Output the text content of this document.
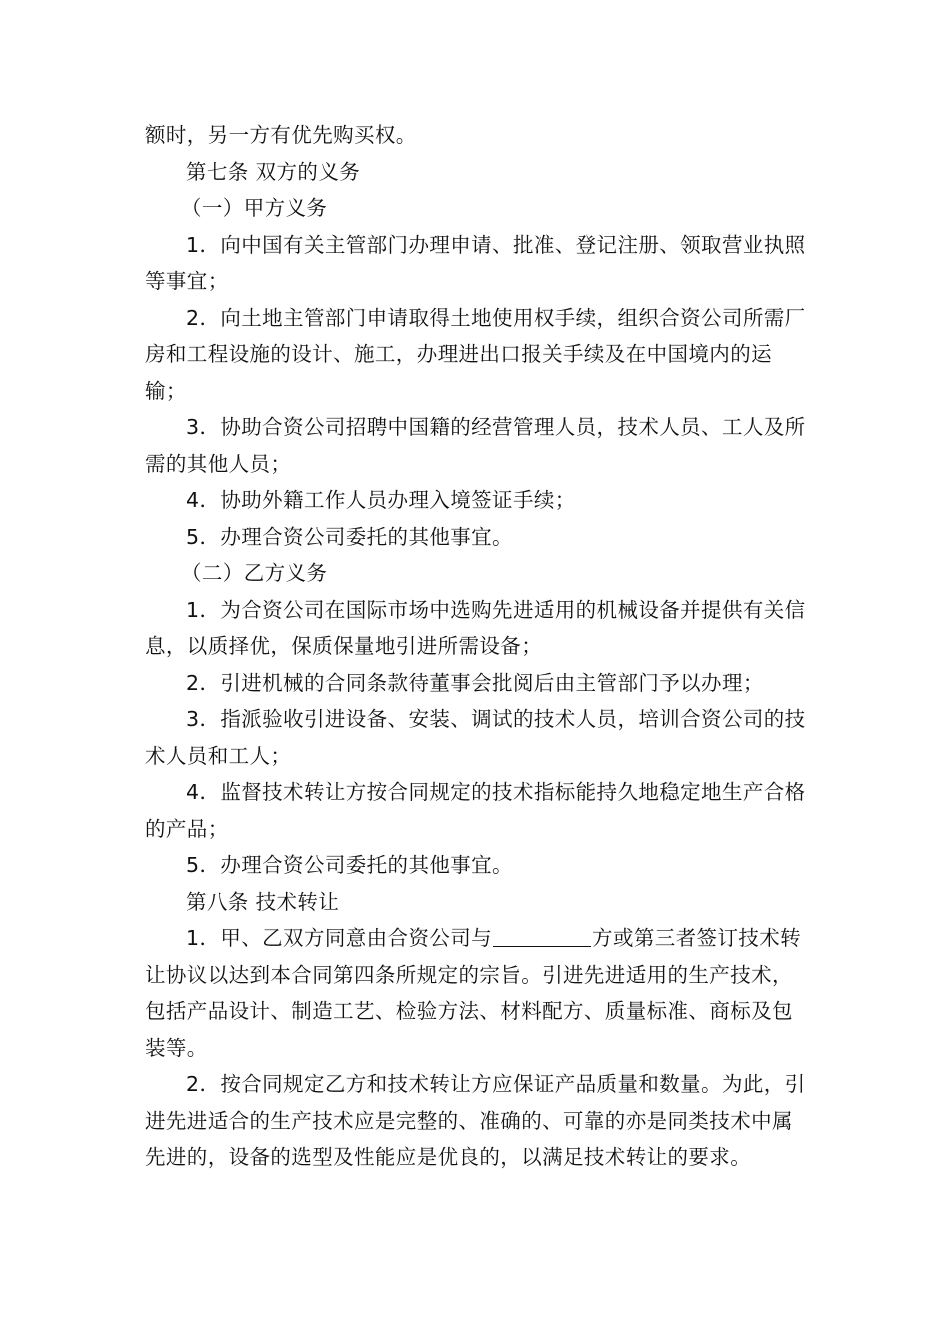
额时，另一方有优先购买权。

第七条 双方的义务

（一）甲方义务

1．向中国有关主管部门办理申请、批准、登记注册、领取营业执照等事宜；

2．向土地主管部门申请取得土地使用权手续，组织合资公司所需厂房和工程设施的设计、施工，办理进出口报关手续及在中国境内的运输；

3．协助合资公司招聘中国籍的经营管理人员，技术人员、工人及所需的其他人员；

4．协助外籍工作人员办理入境签证手续；

5．办理合资公司委托的其他事宜。

（二）乙方义务

1．为合资公司在国际市场中选购先进适用的机械设备并提供有关信息，以质择优，保质保量地引进所需设备；

2．引进机械的合同条款待董事会批阅后由主管部门予以办理；

3．指派验收引进设备、安装、调试的技术人员，培训合资公司的技术人员和工人；

4．监督技术转让方按合同规定的技术指标能持久地稳定地生产合格的产品；

5．办理合资公司委托的其他事宜。

第八条 技术转让

1．甲、乙双方同意由合资公司与	方或第三者签订技术转让协议以达到本合同第四条所规定的宗旨。引进先进适用的生产技术，包括产品设计、制造工艺、检验方法、材料配方、质量标准、商标及包装等。

2．按合同规定乙方和技术转让方应保证产品质量和数量。为此，引进先进适合的生产技术应是完整的、准确的、可靠的亦是同类技术中属先进的，设备的选型及性能应是优良的，以满足技术转让的要求。
